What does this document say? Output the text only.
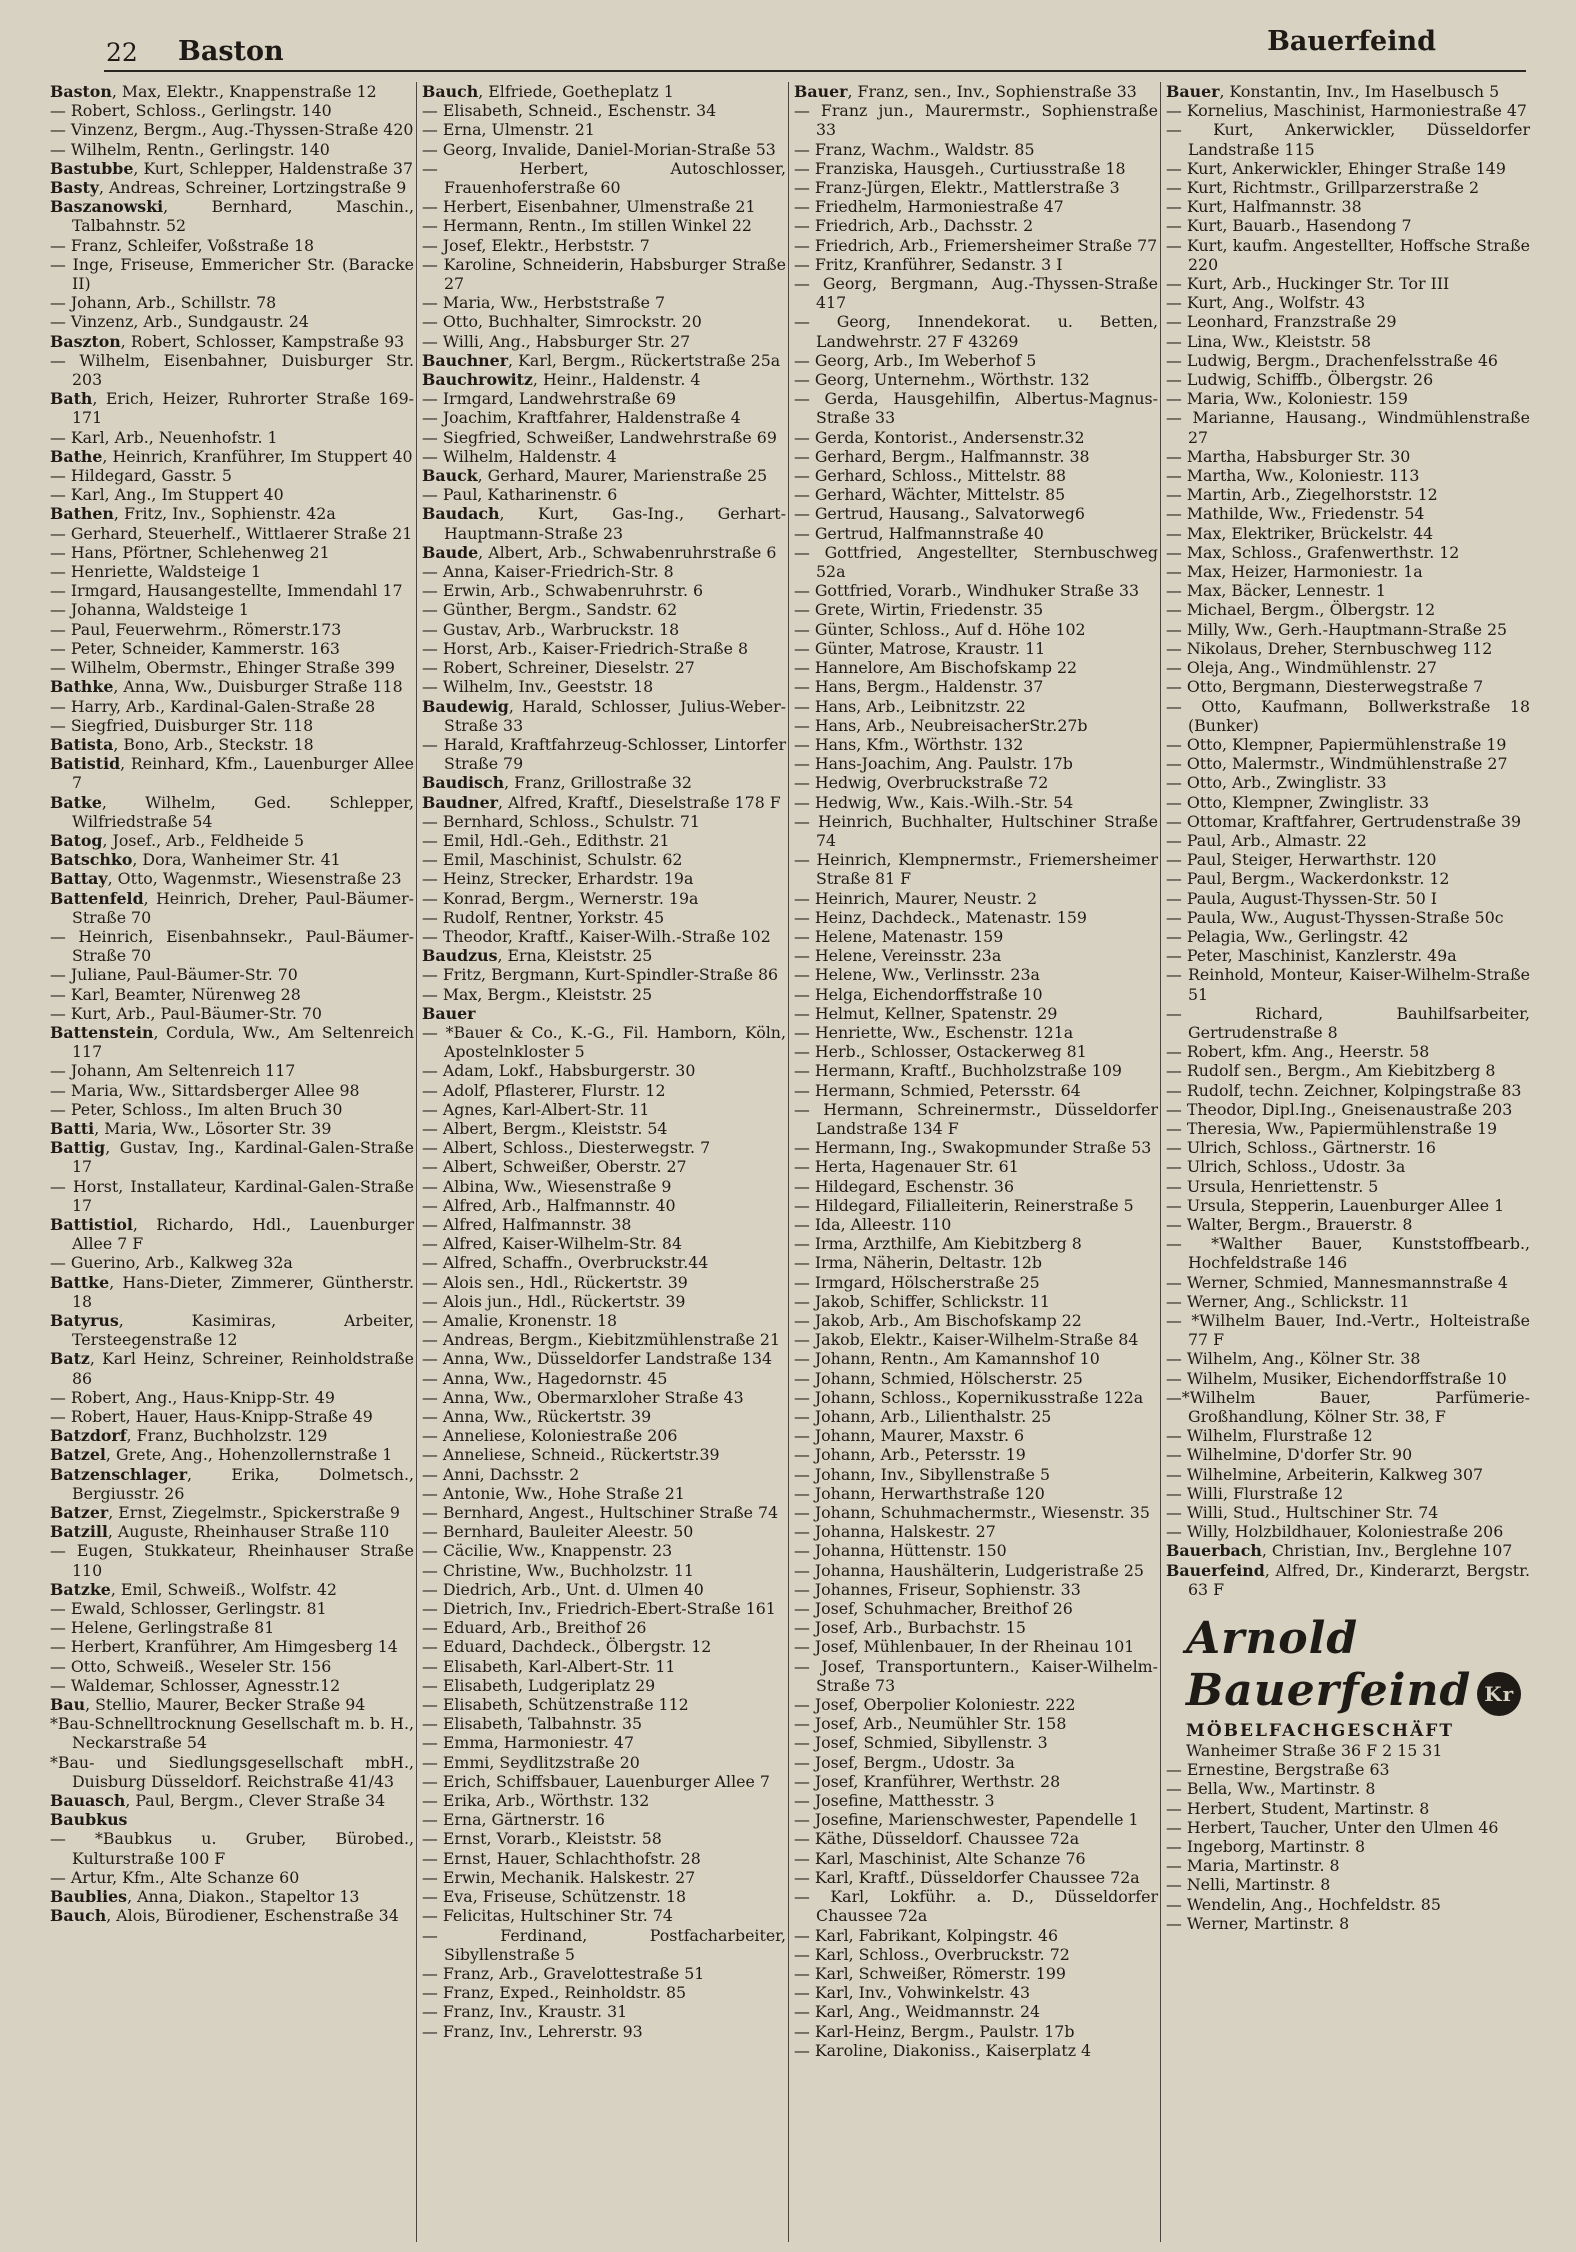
22 Baston	Bauerfeind
Baston, Max, Elektr., Knappenstraße 12
— Robert, Schloss., Gerlingstr. 140
— Vinzenz, Bergm., Aug.-Thyssen-Straße 420
— Wilhelm, Rentn., Gerlingstr. 140
Bastubbe, Kurt, Schlepper, Haldenstraße 37
Basty, Andreas, Schreiner, Lortzingstraße 9
Baszanowski, Bernhard, Maschin., Talbahnstr. 52
— Franz, Schleifer, Voßstraße 18
— Inge, Friseuse, Emmericher Str. (Baracke II)
— Johann, Arb., Schillstr. 78
— Vinzenz, Arb., Sundgaustr. 24
Baszton, Robert, Schlosser, Kampstraße 93
— Wilhelm, Eisenbahner, Duisburger Str. 203
Bath, Erich, Heizer, Ruhrorter Straße 169-171
— Karl, Arb., Neuenhofstr. 1
Bathe, Heinrich, Kranführer, Im Stuppert 40
— Hildegard, Gasstr. 5
— Karl, Ang., Im Stuppert 40
Bathen, Fritz, Inv., Sophienstr. 42a
— Gerhard, Steuerhelf., Wittlaerer Straße 21
— Hans, Pförtner, Schlehenweg 21
— Henriette, Waldsteige 1
— Irmgard, Hausangestellte, Immendahl 17
— Johanna, Waldsteige 1
— Paul, Feuerwehrm., Römerstr.173
— Peter, Schneider, Kammerstr. 163
— Wilhelm, Obermstr., Ehinger Straße 399
Bathke, Anna, Ww., Duisburger Straße 118
— Harry, Arb., Kardinal-Galen-Straße 28
— Siegfried, Duisburger Str. 118
Batista, Bono, Arb., Steckstr. 18
Batistid, Reinhard, Kfm., Lauenburger Allee 7
Batke, Wilhelm, Ged. Schlepper, Wilfriedstraße 54
Batog, Josef., Arb., Feldheide 5
Batschko, Dora, Wanheimer Str. 41
Battay, Otto, Wagenmstr., Wiesenstraße 23
Battenfeld, Heinrich, Dreher, Paul-Bäumer-Straße 70
— Heinrich, Eisenbahnsekr., Paul-Bäumer-Straße 70
— Juliane, Paul-Bäumer-Str. 70
— Karl, Beamter, Nürenweg 28
— Kurt, Arb., Paul-Bäumer-Str. 70
Battenstein, Cordula, Ww., Am Seltenreich 117
— Johann, Am Seltenreich 117
— Maria, Ww., Sittardsberger Allee 98
— Peter, Schloss., Im alten Bruch 30
Batti, Maria, Ww., Lösorter Str. 39
Battig, Gustav, Ing., Kardinal-Galen-Straße 17
— Horst, Installateur, Kardinal-Galen-Straße 17
Battistiol, Richardo, Hdl., Lauenburger Allee 7 F
— Guerino, Arb., Kalkweg 32a
Battke, Hans-Dieter, Zimmerer, Güntherstr. 18
Batyrus, Kasimiras, Arbeiter, Tersteegenstraße 12
Batz, Karl Heinz, Schreiner, Reinholdstraße 86
— Robert, Ang., Haus-Knipp-Str. 49
— Robert, Hauer, Haus-Knipp-Straße 49
Batzdorf, Franz, Buchholzstr. 129
Batzel, Grete, Ang., Hohenzollernstraße 1
Batzenschlager, Erika, Dolmetsch., Bergiusstr. 26
Batzer, Ernst, Ziegelmstr., Spickerstraße 9
Batzill, Auguste, Rheinhauser Straße 110
— Eugen, Stukkateur, Rheinhauser Straße 110
Batzke, Emil, Schweiß., Wolfstr. 42
— Ewald, Schlosser, Gerlingstr. 81
— Helene, Gerlingstraße 81
— Herbert, Kranführer, Am Himgesberg 14
— Otto, Schweiß., Weseler Str. 156
— Waldemar, Schlosser, Agnesstr.12
Bau, Stellio, Maurer, Becker Straße 94
*Bau-Schnelltrocknung Gesellschaft m. b. H., Neckarstraße 54
*Bau- und Siedlungsgesellschaft mbH., Duisburg Düsseldorf. Reichstraße 41/43
Bauasch, Paul, Bergm., Clever Straße 34
Baubkus
— *Baubkus u. Gruber, Bürobed., Kulturstraße 100 F
— Artur, Kfm., Alte Schanze 60
Baublies, Anna, Diakon., Stapeltor 13
Bauch, Alois, Bürodiener, Eschenstraße 34
Bauch, Elfriede, Goetheplatz 1
— Elisabeth, Schneid., Eschenstr. 34
— Erna, Ulmenstr. 21
— Georg, Invalide, Daniel-Morian-Straße 53
— Herbert, Autoschlosser, Frauenhoferstraße 60
— Herbert, Eisenbahner, Ulmenstraße 21
— Hermann, Rentn., Im stillen Winkel 22
— Josef, Elektr., Herbststr. 7
— Karoline, Schneiderin, Habsburger Straße 27
— Maria, Ww., Herbststraße 7
— Otto, Buchhalter, Simrockstr. 20
— Willi, Ang., Habsburger Str. 27
Bauchner, Karl, Bergm., Rückertstraße 25a
Bauchrowitz, Heinr., Haldenstr. 4
— Irmgard, Landwehrstraße 69
— Joachim, Kraftfahrer, Haldenstraße 4
— Siegfried, Schweißer, Landwehrstraße 69
— Wilhelm, Haldenstr. 4
Bauck, Gerhard, Maurer, Marienstraße 25
— Paul, Katharinenstr. 6
Baudach, Kurt, Gas-Ing., Gerhart-Hauptmann-Straße 23
Baude, Albert, Arb., Schwabenruhrstraße 6
— Anna, Kaiser-Friedrich-Str. 8
— Erwin, Arb., Schwabenruhrstr. 6
— Günther, Bergm., Sandstr. 62
— Gustav, Arb., Warbruckstr. 18
— Horst, Arb., Kaiser-Friedrich-Straße 8
— Robert, Schreiner, Dieselstr. 27
— Wilhelm, Inv., Geeststr. 18
Baudewig, Harald, Schlosser, Julius-Weber-Straße 33
— Harald, Kraftfahrzeug-Schlosser, Lintorfer Straße 79
Baudisch, Franz, Grillostraße 32
Baudner, Alfred, Kraftf., Dieselstraße 178 F
— Bernhard, Schloss., Schulstr. 71
— Emil, Hdl.-Geh., Edithstr. 21
— Emil, Maschinist, Schulstr. 62
— Heinz, Strecker, Erhardstr. 19a
— Konrad, Bergm., Wernerstr. 19a
— Rudolf, Rentner, Yorkstr. 45
— Theodor, Kraftf., Kaiser-Wilh.-Straße 102
Baudzus, Erna, Kleiststr. 25
— Fritz, Bergmann, Kurt-Spindler-Straße 86
— Max, Bergm., Kleiststr. 25
Bauer
— *Bauer & Co., K.-G., Fil. Hamborn, Köln, Apostelnkloster 5
— Adam, Lokf., Habsburgerstr. 30
— Adolf, Pflasterer, Flurstr. 12
— Agnes, Karl-Albert-Str. 11
— Albert, Bergm., Kleiststr. 54
— Albert, Schloss., Diesterwegstr. 7
— Albert, Schweißer, Oberstr. 27
— Albina, Ww., Wiesenstraße 9
— Alfred, Arb., Halfmannstr. 40
— Alfred, Halfmannstr. 38
— Alfred, Kaiser-Wilhelm-Str. 84
— Alfred, Schaffn., Overbruckstr.44
— Alois sen., Hdl., Rückertstr. 39
— Alois jun., Hdl., Rückertstr. 39
— Amalie, Kronenstr. 18
— Andreas, Bergm., Kiebitzmühlenstraße 21
— Anna, Ww., Düsseldorfer Landstraße 134
— Anna, Ww., Hagedornstr. 45
— Anna, Ww., Obermarxloher Straße 43
— Anna, Ww., Rückertstr. 39
— Anneliese, Koloniestraße 206
— Anneliese, Schneid., Rückertstr.39
— Anni, Dachsstr. 2
— Antonie, Ww., Hohe Straße 21
— Bernhard, Angest., Hultschiner Straße 74
— Bernhard, Bauleiter Aleestr. 50
— Cäcilie, Ww., Knappenstr. 23
— Christine, Ww., Buchholzstr. 11
— Diedrich, Arb., Unt. d. Ulmen 40
— Dietrich, Inv., Friedrich-Ebert-Straße 161
— Eduard, Arb., Breithof 26
— Eduard, Dachdeck., Ölbergstr. 12
— Elisabeth, Karl-Albert-Str. 11
— Elisabeth, Ludgeriplatz 29
— Elisabeth, Schützenstraße 112
— Elisabeth, Talbahnstr. 35
— Emma, Harmoniestr. 47
— Emmi, Seydlitzstraße 20
— Erich, Schiffsbauer, Lauenburger Allee 7
— Erika, Arb., Wörthstr. 132
— Erna, Gärtnerstr. 16
— Ernst, Vorarb., Kleiststr. 58
— Ernst, Hauer, Schlachthofstr. 28
— Erwin, Mechanik. Halskestr. 27
— Eva, Friseuse, Schützenstr. 18
— Felicitas, Hultschiner Str. 74
— Ferdinand, Postfacharbeiter, Sibyllenstraße 5
— Franz, Arb., Gravelottestraße 51
— Franz, Exped., Reinholdstr. 85
— Franz, Inv., Kraustr. 31
— Franz, Inv., Lehrerstr. 93
Bauer, Franz, sen., Inv., Sophienstraße 33
— Franz jun., Maurermstr., Sophienstraße 33
— Franz, Wachm., Waldstr. 85
— Franziska, Hausgeh., Curtiusstraße 18
— Franz-Jürgen, Elektr., Mattlerstraße 3
— Friedhelm, Harmoniestraße 47
— Friedrich, Arb., Dachsstr. 2
— Friedrich, Arb., Friemersheimer Straße 77
— Fritz, Kranführer, Sedanstr. 3 I
— Georg, Bergmann, Aug.-Thyssen-Straße 417
— Georg, Innendekorat. u. Betten, Landwehrstr. 27 F 43269
— Georg, Arb., Im Weberhof 5
— Georg, Unternehm., Wörthstr. 132
— Gerda, Hausgehilfin, Albertus-Magnus-Straße 33
— Gerda, Kontorist., Andersenstr.32
— Gerhard, Bergm., Halfmannstr. 38
— Gerhard, Schloss., Mittelstr. 88
— Gerhard, Wächter, Mittelstr. 85
— Gertrud, Hausang., Salvatorweg6
— Gertrud, Halfmannstraße 40
— Gottfried, Angestellter, Sternbuschweg 52a
— Gottfried, Vorarb., Windhuker Straße 33
— Grete, Wirtin, Friedenstr. 35
— Günter, Schloss., Auf d. Höhe 102
— Günter, Matrose, Kraustr. 11
— Hannelore, Am Bischofskamp 22
— Hans, Bergm., Haldenstr. 37
— Hans, Arb., Leibnitzstr. 22
— Hans, Arb., NeubreisacherStr.27b
— Hans, Kfm., Wörthstr. 132
— Hans-Joachim, Ang. Paulstr. 17b
— Hedwig, Overbruckstraße 72
— Hedwig, Ww., Kais.-Wilh.-Str. 54
— Heinrich, Buchhalter, Hultschiner Straße 74
— Heinrich, Klempnermstr., Friemersheimer Straße 81 F
— Heinrich, Maurer, Neustr. 2
— Heinz, Dachdeck., Matenastr. 159
— Helene, Matenastr. 159
— Helene, Vereinsstr. 23a
— Helene, Ww., Verlinsstr. 23a
— Helga, Eichendorffstraße 10
— Helmut, Kellner, Spatenstr. 29
— Henriette, Ww., Eschenstr. 121a
— Herb., Schlosser, Ostackerweg 81
— Hermann, Kraftf., Buchholzstraße 109
— Hermann, Schmied, Petersstr. 64
— Hermann, Schreinermstr., Düsseldorfer Landstraße 134 F
— Hermann, Ing., Swakopmunder Straße 53
— Herta, Hagenauer Str. 61
— Hildegard, Eschenstr. 36
— Hildegard, Filialleiterin, Reinerstraße 5
— Ida, Alleestr. 110
— Irma, Arzthilfe, Am Kiebitzberg 8
— Irma, Näherin, Deltastr. 12b
— Irmgard, Hölscherstraße 25
— Jakob, Schiffer, Schlickstr. 11
— Jakob, Arb., Am Bischofskamp 22
— Jakob, Elektr., Kaiser-Wilhelm-Straße 84
— Johann, Rentn., Am Kamannshof 10
— Johann, Schmied, Hölscherstr. 25
— Johann, Schloss., Kopernikusstraße 122a
— Johann, Arb., Lilienthalstr. 25
— Johann, Maurer, Maxstr. 6
— Johann, Arb., Petersstr. 19
— Johann, Inv., Sibyllenstraße 5
— Johann, Herwarthstraße 120
— Johann, Schuhmachermstr., Wiesenstr. 35
— Johanna, Halskestr. 27
— Johanna, Hüttenstr. 150
— Johanna, Haushälterin, Ludgeristraße 25
— Johannes, Friseur, Sophienstr. 33
— Josef, Schuhmacher, Breithof 26
— Josef, Arb., Burbachstr. 15
— Josef, Mühlenbauer, In der Rheinau 101
— Josef, Transportuntern., Kaiser-Wilhelm-Straße 73
— Josef, Oberpolier Koloniestr. 222
— Josef, Arb., Neumühler Str. 158
— Josef, Schmied, Sibyllenstr. 3
— Josef, Bergm., Udostr. 3a
— Josef, Kranführer, Werthstr. 28
— Josefine, Matthesstr. 3
— Josefine, Marienschwester, Papendelle 1
— Käthe, Düsseldorf. Chaussee 72a
— Karl, Maschinist, Alte Schanze 76
— Karl, Kraftf., Düsseldorfer Chaussee 72a
— Karl, Lokführ. a. D., Düsseldorfer Chaussee 72a
— Karl, Fabrikant, Kolpingstr. 46
— Karl, Schloss., Overbruckstr. 72
— Karl, Schweißer, Römerstr. 199
— Karl, Inv., Vohwinkelstr. 43
— Karl, Ang., Weidmannstr. 24
— Karl-Heinz, Bergm., Paulstr. 17b
— Karoline, Diakoniss., Kaiserplatz 4
Bauer, Konstantin, Inv., Im Haselbusch 5
— Kornelius, Maschinist, Harmoniestraße 47
— Kurt, Ankerwickler, Düsseldorfer Landstraße 115
— Kurt, Ankerwickler, Ehinger Straße 149
— Kurt, Richtmstr., Grillparzerstraße 2
— Kurt, Halfmannstr. 38
— Kurt, Bauarb., Hasendong 7
— Kurt, kaufm. Angestellter, Hoffsche Straße 220
— Kurt, Arb., Huckinger Str. Tor III
— Kurt, Ang., Wolfstr. 43
— Leonhard, Franzstraße 29
— Lina, Ww., Kleiststr. 58
— Ludwig, Bergm., Drachenfelsstraße 46
— Ludwig, Schiffb., Ölbergstr. 26
— Maria, Ww., Koloniestr. 159
— Marianne, Hausang., Windmühlenstraße 27
— Martha, Habsburger Str. 30
— Martha, Ww., Koloniestr. 113
— Martin, Arb., Ziegelhorststr. 12
— Mathilde, Ww., Friedenstr. 54
— Max, Elektriker, Brückelstr. 44
— Max, Schloss., Grafenwerthstr. 12
— Max, Heizer, Harmoniestr. 1a
— Max, Bäcker, Lennestr. 1
— Michael, Bergm., Ölbergstr. 12
— Milly, Ww., Gerh.-Hauptmann-Straße 25
— Nikolaus, Dreher, Sternbuschweg 112
— Oleja, Ang., Windmühlenstr. 27
— Otto, Bergmann, Diesterwegstraße 7
— Otto, Kaufmann, Bollwerkstraße 18 (Bunker)
— Otto, Klempner, Papiermühlenstraße 19
— Otto, Malermstr., Windmühlenstraße 27
— Otto, Arb., Zwinglistr. 33
— Otto, Klempner, Zwinglistr. 33
— Ottomar, Kraftfahrer, Gertrudenstraße 39
— Paul, Arb., Almastr. 22
— Paul, Steiger, Herwarthstr. 120
— Paul, Bergm., Wackerdonkstr. 12
— Paula, August-Thyssen-Str. 50 I
— Paula, Ww., August-Thyssen-Straße 50c
— Pelagia, Ww., Gerlingstr. 42
— Peter, Maschinist, Kanzlerstr. 49a
— Reinhold, Monteur, Kaiser-Wilhelm-Straße 51
— Richard, Bauhilfsarbeiter, Gertrudenstraße 8
— Robert, kfm. Ang., Heerstr. 58
— Rudolf sen., Bergm., Am Kiebitzberg 8
— Rudolf, techn. Zeichner, Kolpingstraße 83
— Theodor, Dipl.Ing., Gneisenaustraße 203
— Theresia, Ww., Papiermühlenstraße 19
— Ulrich, Schloss., Gärtnerstr. 16
— Ulrich, Schloss., Udostr. 3a
— Ursula, Henriettenstr. 5
— Ursula, Stepperin, Lauenburger Allee 1
— Walter, Bergm., Brauerstr. 8
— *Walther Bauer, Kunststoffbearb., Hochfeldstraße 146
— Werner, Schmied, Mannesmannstraße 4
— Werner, Ang., Schlickstr. 11
— *Wilhelm Bauer, Ind.-Vertr., Holteistraße 77 F
— Wilhelm, Ang., Kölner Str. 38
— Wilhelm, Musiker, Eichendorffstraße 10
—*Wilhelm Bauer, Parfümerie-Großhandlung, Kölner Str. 38, F
— Wilhelm, Flurstraße 12
— Wilhelmine, D'dorfer Str. 90
— Wilhelmine, Arbeiterin, Kalkweg 307
— Willi, Flurstraße 12
— Willi, Stud., Hultschiner Str. 74
— Willy, Holzbildhauer, Koloniestraße 206
Bauerbach, Christian, Inv., Berglehne 107
Bauerfeind, Alfred, Dr., Kinderarzt, Bergstr. 63 F
Arnold Bauerfeind Kr
MÖBELFACHGESCHÄFT
Wanheimer Straße 36 F 2 15 31
— Ernestine, Bergstraße 63
— Bella, Ww., Martinstr. 8
— Herbert, Student, Martinstr. 8
— Herbert, Taucher, Unter den Ulmen 46
— Ingeborg, Martinstr. 8
— Maria, Martinstr. 8
— Nelli, Martinstr. 8
— Wendelin, Ang., Hochfeldstr. 85
— Werner, Martinstr. 8
